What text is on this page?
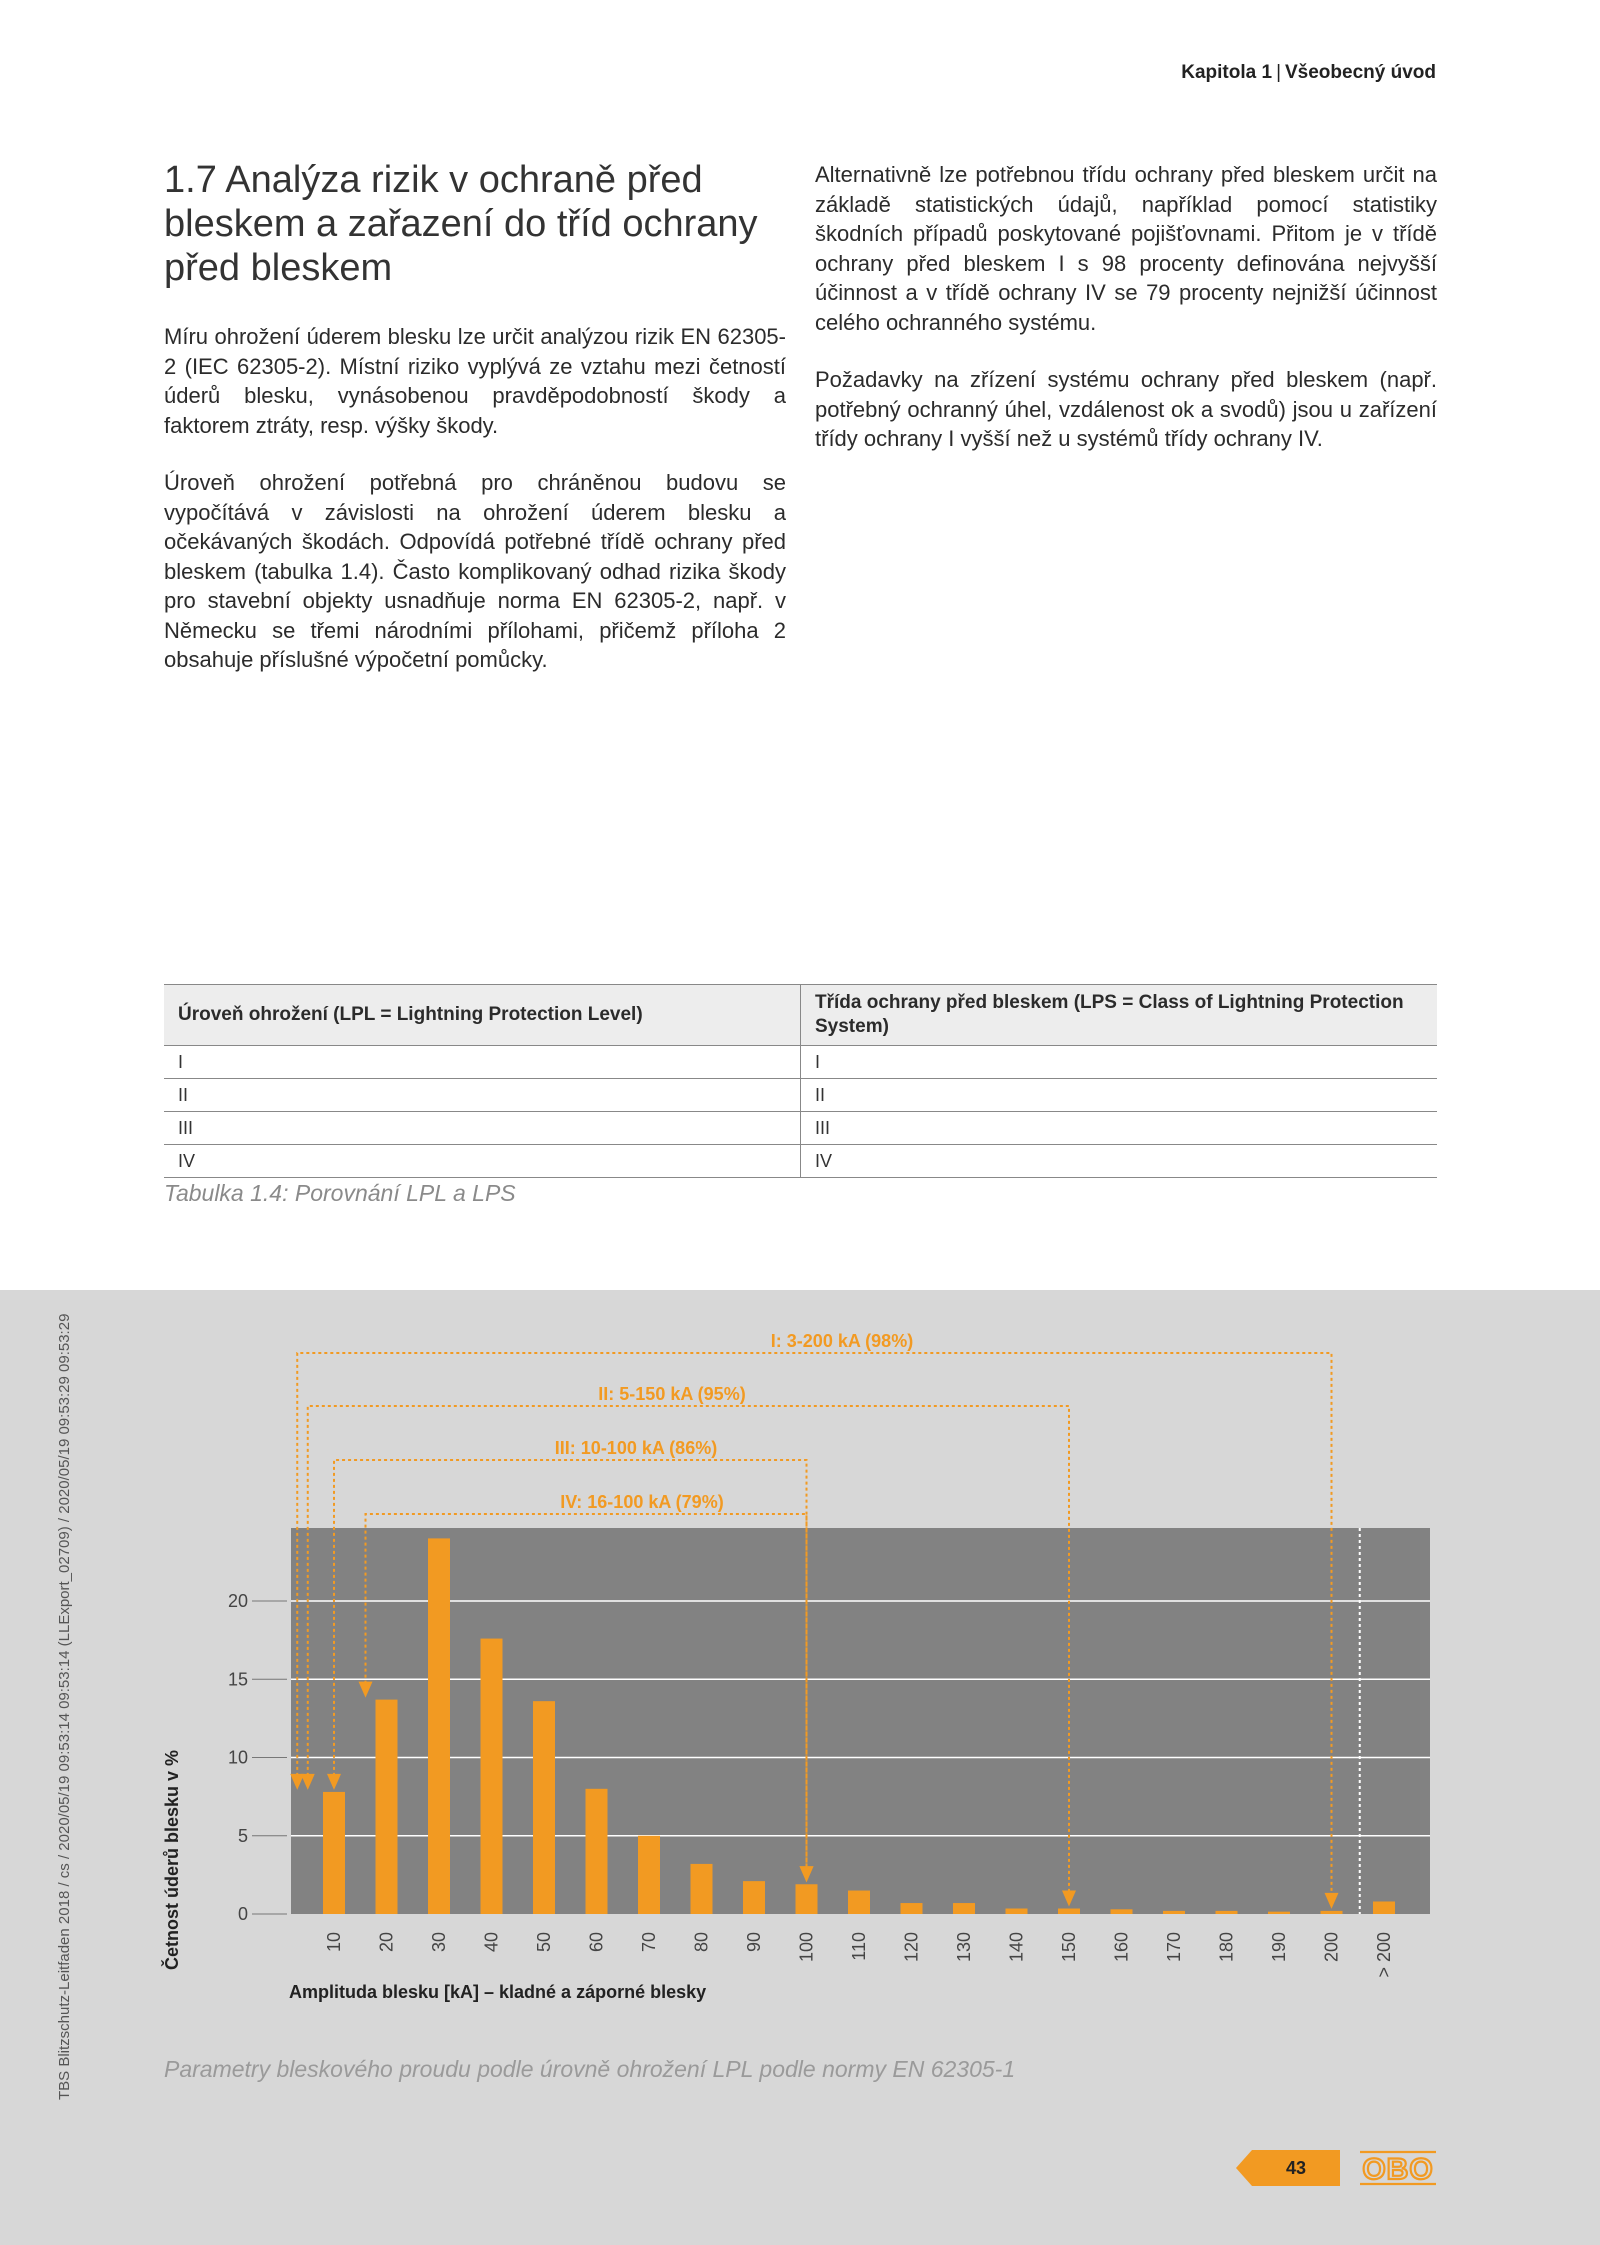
Kapitola 1 | Všeobecný úvod
1.7 Analýza rizik v ochraně před bleskem a zařazení do tříd ochrany před bleskem

Míru ohrožení úderem blesku lze určit analýzou rizik EN 62305-2 (IEC 62305-2). Místní riziko vyplývá ze vztahu mezi četností úderů blesku, vynásobenou pravděpodobností škody a faktorem ztráty, resp. výšky škody.

Úroveň ohrožení potřebná pro chráněnou budovu se vypočítává v závislosti na ohrožení úderem blesku a očekávaných škodách. Odpovídá potřebné třídě ochrany před bleskem (tabulka 1.4). Často komplikovaný odhad rizika škody pro stavební objekty usnadňuje norma EN 62305-2, např. v Německu se třemi národními přílohami, přičemž příloha 2 obsahuje příslušné výpočetní pomůcky.

Alternativně lze potřebnou třídu ochrany před bleskem určit na základě statistických údajů, například pomocí statistiky škodních případů poskytované pojišťovnami. Přitom je v třídě ochrany před bleskem I s 98 procenty definována nejvyšší účinnost a v třídě ochrany IV se 79 procenty nejnižší účinnost celého ochranného systému.

Požadavky na zřízení systému ochrany před bleskem (např. potřebný ochranný úhel, vzdálenost ok a svodů) jsou u zařízení třídy ochrany I vyšší než u systémů třídy ochrany IV.

Úroveň ohrožení (LPL = Lightning Protection Level)	Třída ochrany před bleskem (LPS = Class of Lightning Protection System)
I	I
II	II
III	III
IV	IV
Tabulka 1.4: Porovnání LPL a LPS
TBS Blitzschutz-Leitfaden 2018 / cs / 2020/05/19 09:53:14 09:53:14 (LLExport_02709) / 2020/05/19 09:53:29 09:53:29	0
5
10
15
20
10 20 30 40 50 60 70 80 90 100 110 120 130 140 150 160 170 180 190 200 > 200
Amplituda blesku [kA] – kladné a záporné blesky
Četnost úderů blesku v %
I: 3-200 kA (98%)
II: 5-150 kA (95%)
III: 10-100 kA (86%)
IV: 16-100 kA (79%)
Parametry bleskového proudu podle úrovně ohrožení LPL podle normy EN 62305-1
43	OBO
